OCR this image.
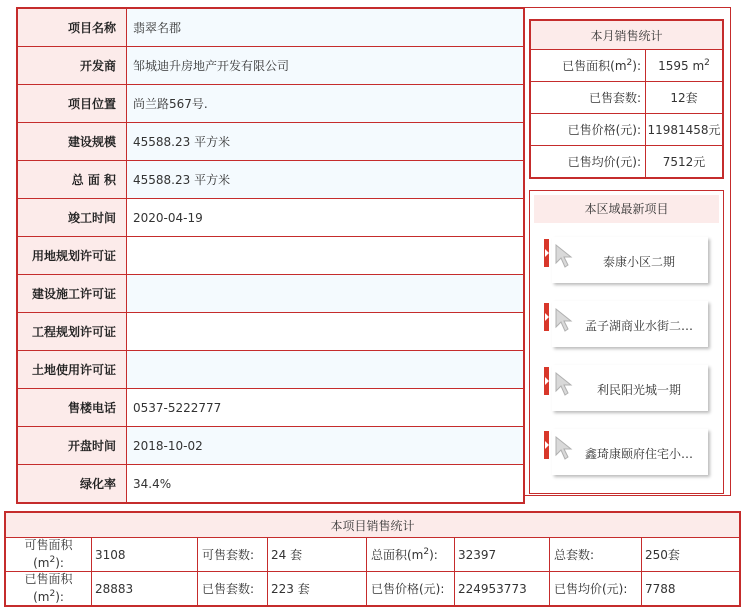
项目名称	翡翠名郡
开发商	邹城迪升房地产开发有限公司
项目位置	尚兰路567号.
建设规模	45588.23 平方米
总 面 积	45588.23 平方米
竣工时间	2020-04-19
用地规划许可证	
建设施工许可证	
工程规划许可证	
土地使用许可证	
售楼电话	0537-5222777
开盘时间	2018-10-02
绿化率	34.4%
本月销售统计	
已售面积$(m^2)$:	1595 $m^2$
已售套数:	12套
已售价格(元):	11981458元
已售均价(元):	7512元
本区域最新项目
泰康小区二期
孟子湖商业水街二…
利民阳光城一期
鑫琦康颐府住宅小…
本项目销售统计							
可售面积
$(m^2)$:	3108	可售套数:	24 套	总面积$(m^2)$:	32397	总套数:	250套
已售面积
$(m^2)$:	28883	已售套数:	223 套	已售价格(元):	224953773	已售均价(元):	7788
